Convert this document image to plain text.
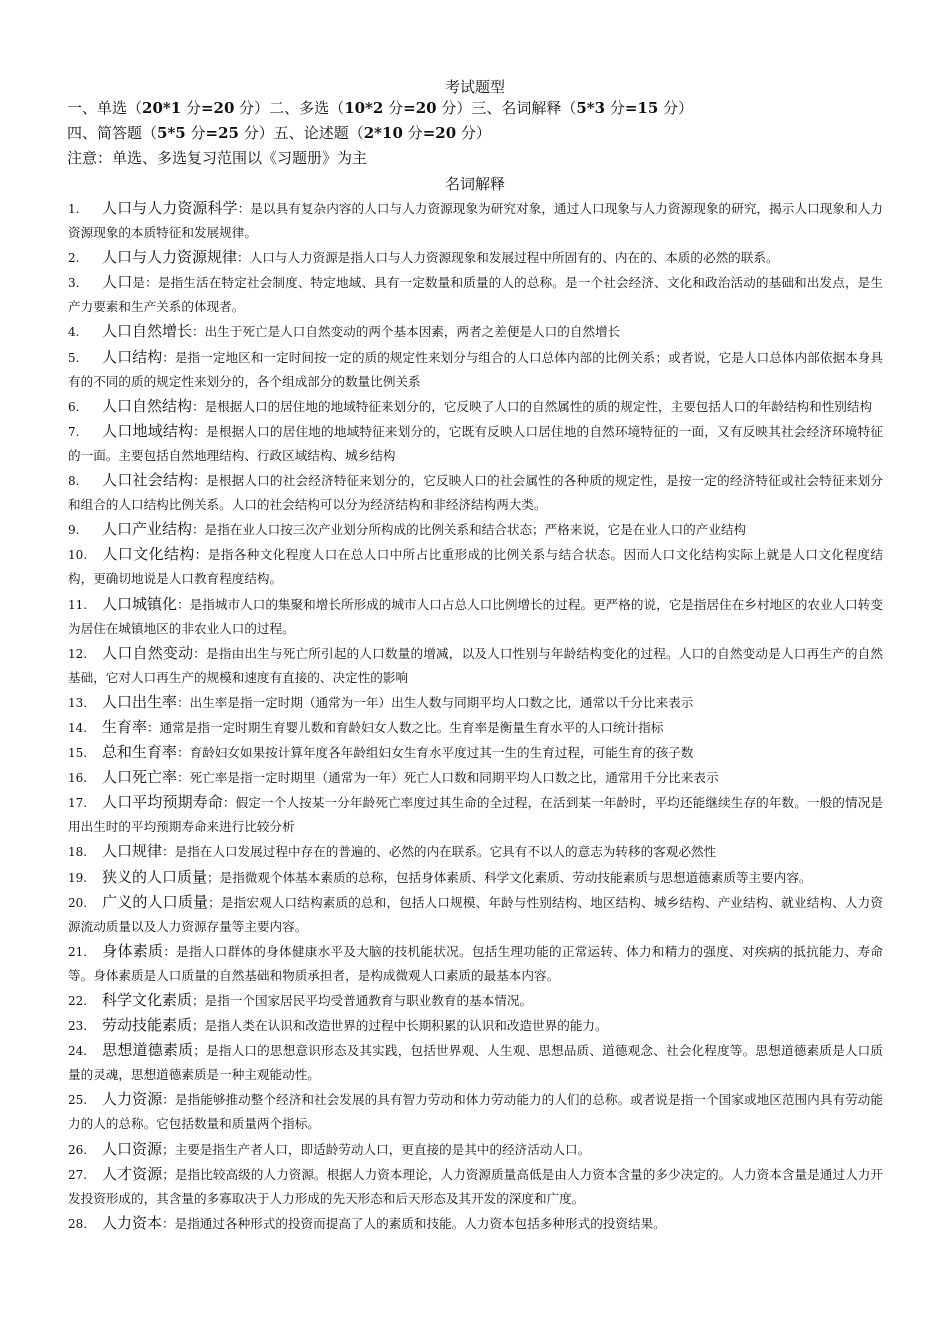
考试题型
一、单选（20*1 分=20 分）二、多选（10*2 分=20 分）三、名词解释（5*3 分=15 分）
四、简答题（5*5 分=25 分）五、论述题（2*10 分=20 分）
注意：单选、多选复习范围以《习题册》为主
名词解释
1. 人口与人力资源科学：是以具有复杂内容的人口与人力资源现象为研究对象，通过人口现象与人力资源现象的研究，揭示人口现象和人力资源现象的本质特征和发展规律。
2. 人口与人力资源规律：人口与人力资源是指人口与人力资源现象和发展过程中所固有的、内在的、本质的必然的联系。
3. 人口是：是指生活在特定社会制度、特定地域、具有一定数量和质量的人的总称。是一个社会经济、文化和政治活动的基础和出发点，是生产力要素和生产关系的体现者。
4. 人口自然增长：出生于死亡是人口自然变动的两个基本因素，两者之差便是人口的自然增长
5. 人口结构：是指一定地区和一定时间按一定的质的规定性来划分与组合的人口总体内部的比例关系；或者说，它是人口总体内部依据本身具有的不同的质的规定性来划分的，各个组成部分的数量比例关系
6. 人口自然结构：是根据人口的居住地的地域特征来划分的，它反映了人口的自然属性的质的规定性，主要包括人口的年龄结构和性别结构
7. 人口地域结构：是根据人口的居住地的地域特征来划分的，它既有反映人口居住地的自然环境特征的一面，又有反映其社会经济环境特征的一面。主要包括自然地理结构、行政区域结构、城乡结构
8. 人口社会结构：是根据人口的社会经济特征来划分的，它反映人口的社会属性的各种质的规定性，是按一定的经济特征或社会特征来划分和组合的人口结构比例关系。人口的社会结构可以分为经济结构和非经济结构两大类。
9. 人口产业结构：是指在业人口按三次产业划分所构成的比例关系和结合状态；严格来说，它是在业人口的产业结构
10. 人口文化结构：是指各种文化程度人口在总人口中所占比重形成的比例关系与结合状态。因而人口文化结构实际上就是人口文化程度结构，更确切地说是人口教育程度结构。
11. 人口城镇化：是指城市人口的集聚和增长所形成的城市人口占总人口比例增长的过程。更严格的说，它是指居住在乡村地区的农业人口转变为居住在城镇地区的非农业人口的过程。
12. 人口自然变动：是指由出生与死亡所引起的人口数量的增减，以及人口性别与年龄结构变化的过程。人口的自然变动是人口再生产的自然基础，它对人口再生产的规模和速度有直接的、决定性的影响
13. 人口出生率：出生率是指一定时期（通常为一年）出生人数与同期平均人口数之比，通常以千分比来表示
14. 生育率：通常是指一定时期生育婴儿数和育龄妇女人数之比。生育率是衡量生育水平的人口统计指标
15. 总和生育率：育龄妇女如果按计算年度各年龄组妇女生育水平度过其一生的生育过程，可能生育的孩子数
16. 人口死亡率：死亡率是指一定时期里（通常为一年）死亡人口数和同期平均人口数之比，通常用千分比来表示
17. 人口平均预期寿命：假定一个人按某一分年龄死亡率度过其生命的全过程，在活到某一年龄时，平均还能继续生存的年数。一般的情况是用出生时的平均预期寿命来进行比较分析
18. 人口规律：是指在人口发展过程中存在的普遍的、必然的内在联系。它具有不以人的意志为转移的客观必然性
19. 狭义的人口质量；是指微观个体基本素质的总称，包括身体素质、科学文化素质、劳动技能素质与思想道德素质等主要内容。
20. 广义的人口质量；是指宏观人口结构素质的总和，包括人口规模、年龄与性别结构、地区结构、城乡结构、产业结构、就业结构、人力资源流动质量以及人力资源存量等主要内容。
21. 身体素质：是指人口群体的身体健康水平及大脑的技机能状况。包括生理功能的正常运转、体力和精力的强度、对疾病的抵抗能力、寿命等。身体素质是人口质量的自然基础和物质承担者，是构成微观人口素质的最基本内容。
22. 科学文化素质；是指一个国家居民平均受普通教育与职业教育的基本情况。
23. 劳动技能素质；是指人类在认识和改造世界的过程中长期积累的认识和改造世界的能力。
24. 思想道德素质；是指人口的思想意识形态及其实践，包括世界观、人生观、思想品质、道德观念、社会化程度等。思想道德素质是人口质量的灵魂，思想道德素质是一种主观能动性。
25. 人力资源：是指能够推动整个经济和社会发展的具有智力劳动和体力劳动能力的人们的总称。或者说是指一个国家或地区范围内具有劳动能力的人的总称。它包括数量和质量两个指标。
26. 人口资源；主要是指生产者人口，即适龄劳动人口，更直接的是其中的经济活动人口。
27. 人才资源；是指比较高级的人力资源。根据人力资本理论，人力资源质量高低是由人力资本含量的多少决定的。人力资本含量是通过人力开发投资形成的，其含量的多寡取决于人力形成的先天形态和后天形态及其开发的深度和广度。
28. 人力资本：是指通过各种形式的投资而提高了人的素质和技能。人力资本包括多种形式的投资结果。
